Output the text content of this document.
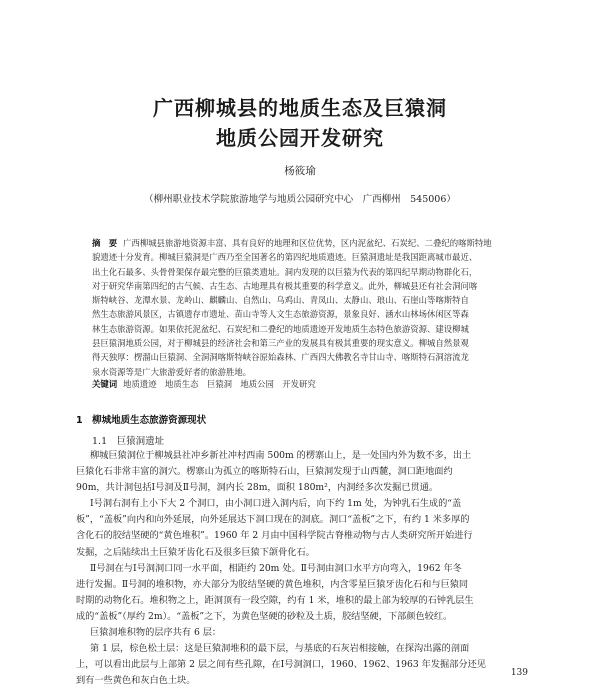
广西柳城县的地质生态及巨猿洞
地质公园开发研究
杨筱瑜
（柳州职业技术学院旅游地学与地质公园研究中心　广西柳州　545006）
摘　要 广西柳城县旅游地资源丰富、具有良好的地理和区位优势，区内泥盆纪、石炭纪、二叠纪的喀斯特地
貌遗迹十分发育。柳城巨猿洞是广西乃至全国著名的第四纪地质遗迹。巨猿洞遗址是我国距离城市最近、
出土化石最多、头骨骨架保存最完整的巨猿类遗址。洞内发现的以巨猿为代表的第四纪早期动物群化石，
对于研究华南第四纪的古气候、古生态、古地理具有极其重要的科学意义。此外，柳城县还有社会洞问喀
斯特峡谷、龙潭水景、龙岭山、麒麟山、自然山、乌鸡山、青凤山、太静山、琅山、石崖山等喀斯特自
然生态旅游风景区，古镇遗存市遗址、苗山寺等人文生态旅游资源，景象良好、涵水山林场休闲区等森
林生态旅游资源。如果依托泥盆纪、石炭纪和二叠纪的地质遗迹开发地质生态特色旅游资源、建设柳城
县巨猿洞地质公园，对于柳城县的经济社会和第三产业的发展具有极其重要的现实意义。柳城自然景观
得天独厚：楞溜山巨猿洞、全洞洞喀斯特峡谷原始森林、广西四大佛教名寺甘山寺、喀斯特石洞溶流龙
泉水资源等是广大旅游爱好者的旅游胜地。
关键词 地质遗迹　地质生态　巨猿洞　地质公园　开发研究
1　柳城地质生态旅游资源现状
1.1　巨猿洞遗址
柳城巨猿洞位于柳城县社冲乡新社冲村西南 500m 的楞寨山上，是一处国内外为数不多，出土
巨猿化石非常丰富的洞穴。楞寨山为孤立的喀斯特石山，巨猿洞发现于山西麓，洞口距地面约
90m，共计洞包括Ⅰ号洞及Ⅱ号洞，洞内长 28m，面积 180m²，内洞经多次发掘已贯通。
Ⅰ号洞右洞有上小下大 2 个洞口，由小洞口进入洞内后，向下约 1m 处，为钟乳石生成的“盖
板”，“盖板”向内和向外延展，向外延展达下洞口现在的洞底。洞口“盖板”之下，有约 1 米多厚的
含化石的胶结坚硬的“黄色堆积”。1960 年 2 月由中国科学院古脊椎动物与古人类研究所开始进行
发掘，之后陆续出土巨猿牙齿化石及很多巨猿下颌骨化石。
Ⅱ号洞在与Ⅰ号洞洞口同一水平面，相距约 20m 处。Ⅱ号洞由洞口水平方向弯入，1962 年冬
进行发掘。Ⅱ号洞的堆积物，亦大部分为胶结坚硬的黄色堆积，内含零星巨猿牙齿化石和与巨猿同
时期的动物化石。堆积物之上，距洞顶有一段空隙，约有 1 米，堆积的最上部为较厚的石钟乳层生
成的“盖板”（厚约 2m）。“盖板”之下，为黄色坚硬的砂粒及土质，胶结坚硬，下部颜色较红。
巨猿洞堆积物的层序共有 6 层：
第 1 层，棕色松土层：这是巨猿洞堆积的最下层，与基底的石灰岩相接触，在探沟出露的剖面
上，可以看出此层与上部第 2 层之间有些孔隙，在Ⅰ号洞洞口，1960、1962、1963 年发掘部分还见
到有一些黄色和灰白色土块。
139
